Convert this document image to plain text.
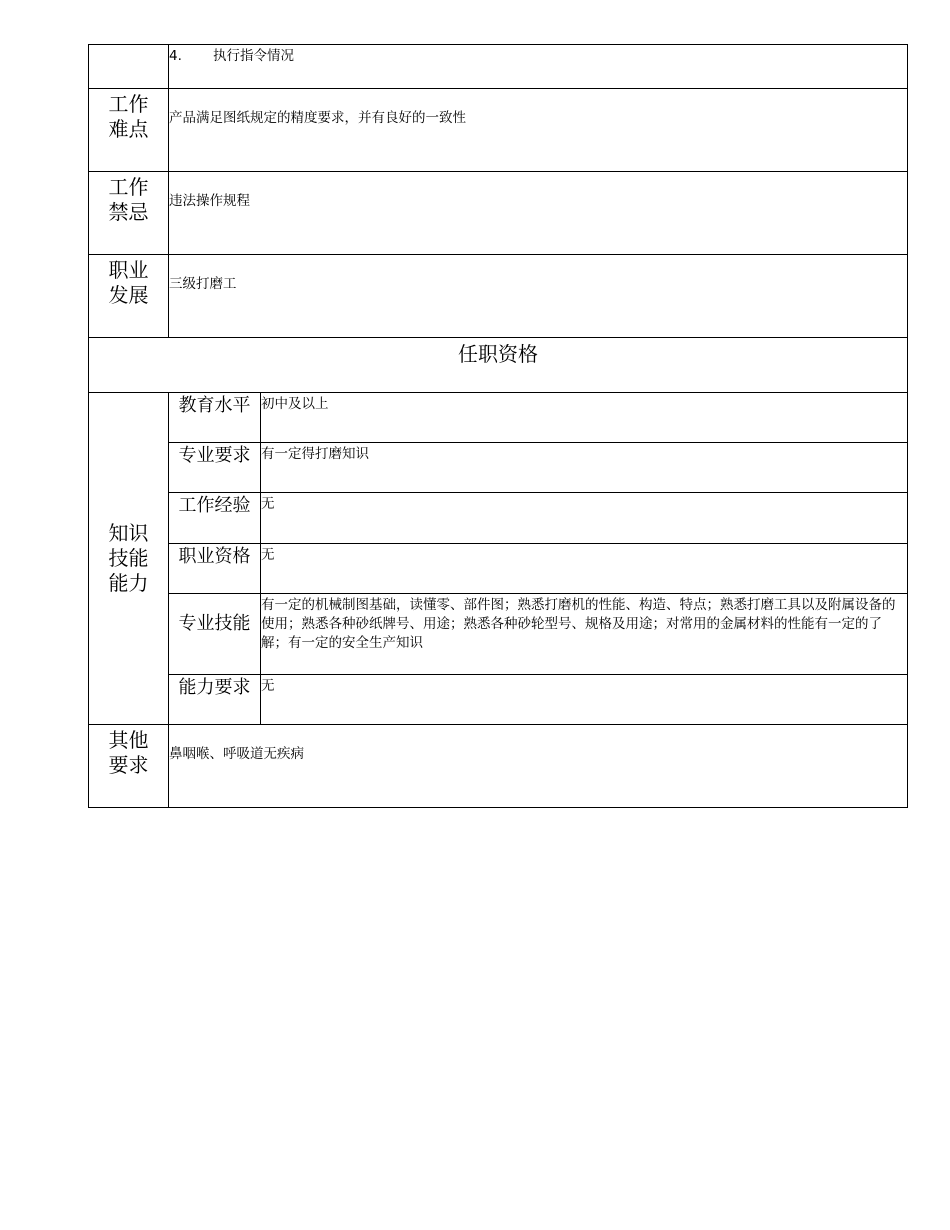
	4. 执行指令情况	

工作
难点	产品满足图纸规定的精度要求，并有良好的一致性	

工作
禁忌	违法操作规程	

职业
发展	三级打磨工	
任职资格		

知识
技能
能力	教育水平	初中及以上
	专业要求	有一定得打磨知识
	工作经验	无
	职业资格	无
	专业技能	有一定的机械制图基础，读懂零、部件图；熟悉打磨机的性能、构造、特点；熟悉打磨工具以及附属设备的使用；熟悉各种砂纸牌号、用途；熟悉各种砂轮型号、规格及用途；对常用的金属材料的性能有一定的了解；有一定的安全生产知识
	能力要求	无

其他
要求	鼻咽喉、呼吸道无疾病	
